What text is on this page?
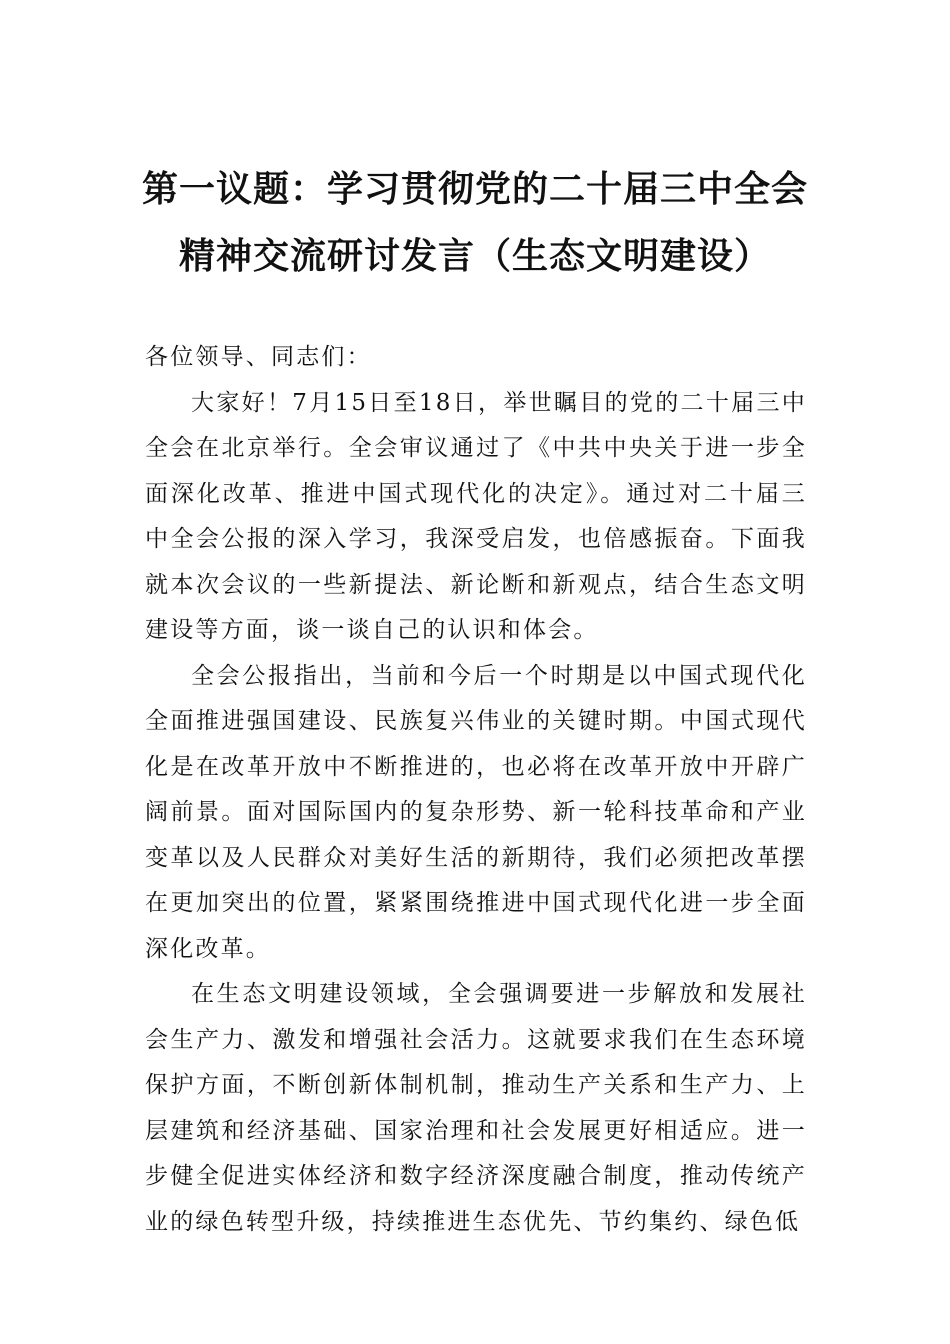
第一议题：学习贯彻党的二十届三中全会
精神交流研讨发言（生态文明建设）

各位领导、同志们：

大家好！7月15日至18日，举世瞩目的党的二十届三中全会在北京举行。全会审议通过了《中共中央关于进一步全面深化改革、推进中国式现代化的决定》。通过对二十届三中全会公报的深入学习，我深受启发，也倍感振奋。下面我就本次会议的一些新提法、新论断和新观点，结合生态文明建设等方面，谈一谈自己的认识和体会。

全会公报指出，当前和今后一个时期是以中国式现代化全面推进强国建设、民族复兴伟业的关键时期。中国式现代化是在改革开放中不断推进的，也必将在改革开放中开辟广阔前景。面对国际国内的复杂形势、新一轮科技革命和产业变革以及人民群众对美好生活的新期待，我们必须把改革摆在更加突出的位置，紧紧围绕推进中国式现代化进一步全面深化改革。

在生态文明建设领域，全会强调要进一步解放和发展社会生产力、激发和增强社会活力。这就要求我们在生态环境保护方面，不断创新体制机制，推动生产关系和生产力、上层建筑和经济基础、国家治理和社会发展更好相适应。进一步健全促进实体经济和数字经济深度融合制度，推动传统产业的绿色转型升级，持续推进生态优先、节约集约、绿色低
